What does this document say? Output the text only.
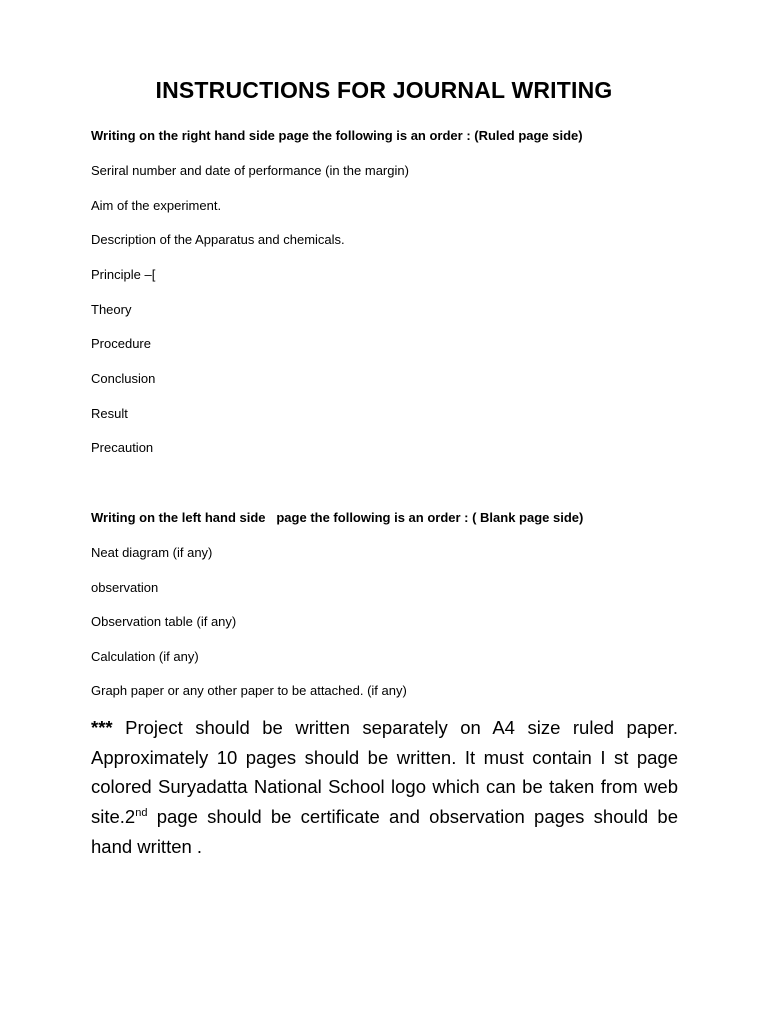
INSTRUCTIONS FOR JOURNAL WRITING
Writing on the right hand side page the following is an order : (Ruled page side)
Seriral number and date of performance (in the margin)
Aim of the experiment.
Description of the Apparatus and chemicals.
Principle –[
Theory
Procedure
Conclusion
Result
Precaution
Writing on the left hand side   page the following is an order : ( Blank page side)
Neat diagram (if any)
observation
Observation table (if any)
Calculation (if any)
Graph paper or any other paper to be attached. (if any)
*** Project should be written separately on A4 size ruled paper. Approximately 10 pages should be written. It must contain I st page colored Suryadatta National School logo which can be taken from web site.2nd page should be certificate and observation pages should be hand written .
